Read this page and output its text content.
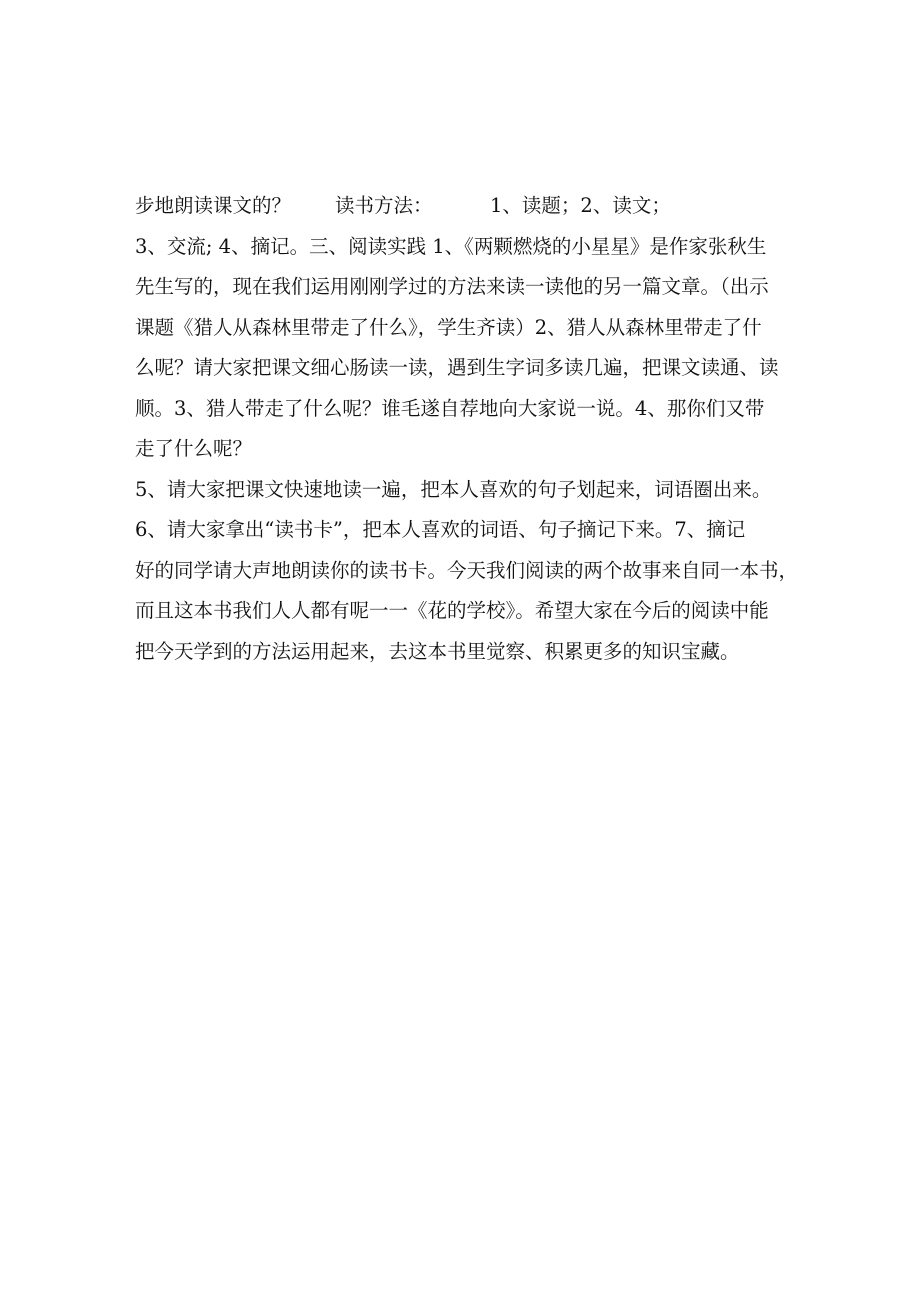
步地朗读课文的？ 读书方法：	1、读题；2、读文；
3、交流; 4、摘记。三、阅读实践 1、《两颗燃烧的小星星》是作家张秋生
先生写的，现在我们运用刚刚学过的方法来读一读他的另一篇文章。（出示
课题《猎人从森林里带走了什么》，学生齐读）2、猎人从森林里带走了什
么呢？请大家把课文细心肠读一读，遇到生字词多读几遍，把课文读通、读
顺。3、猎人带走了什么呢？谁毛遂自荐地向大家说一说。4、那你们又带
走了什么呢？
5、请大家把课文快速地读一遍，把本人喜欢的句子划起来，词语圈出来。
6、请大家拿出“读书卡”，把本人喜欢的词语、句子摘记下来。7、摘记
好的同学请大声地朗读你的读书卡。今天我们阅读的两个故事来自同一本书，
而且这本书我们人人都有呢一一《花的学校》。希望大家在今后的阅读中能
把今天学到的方法运用起来，去这本书里觉察、积累更多的知识宝藏。
